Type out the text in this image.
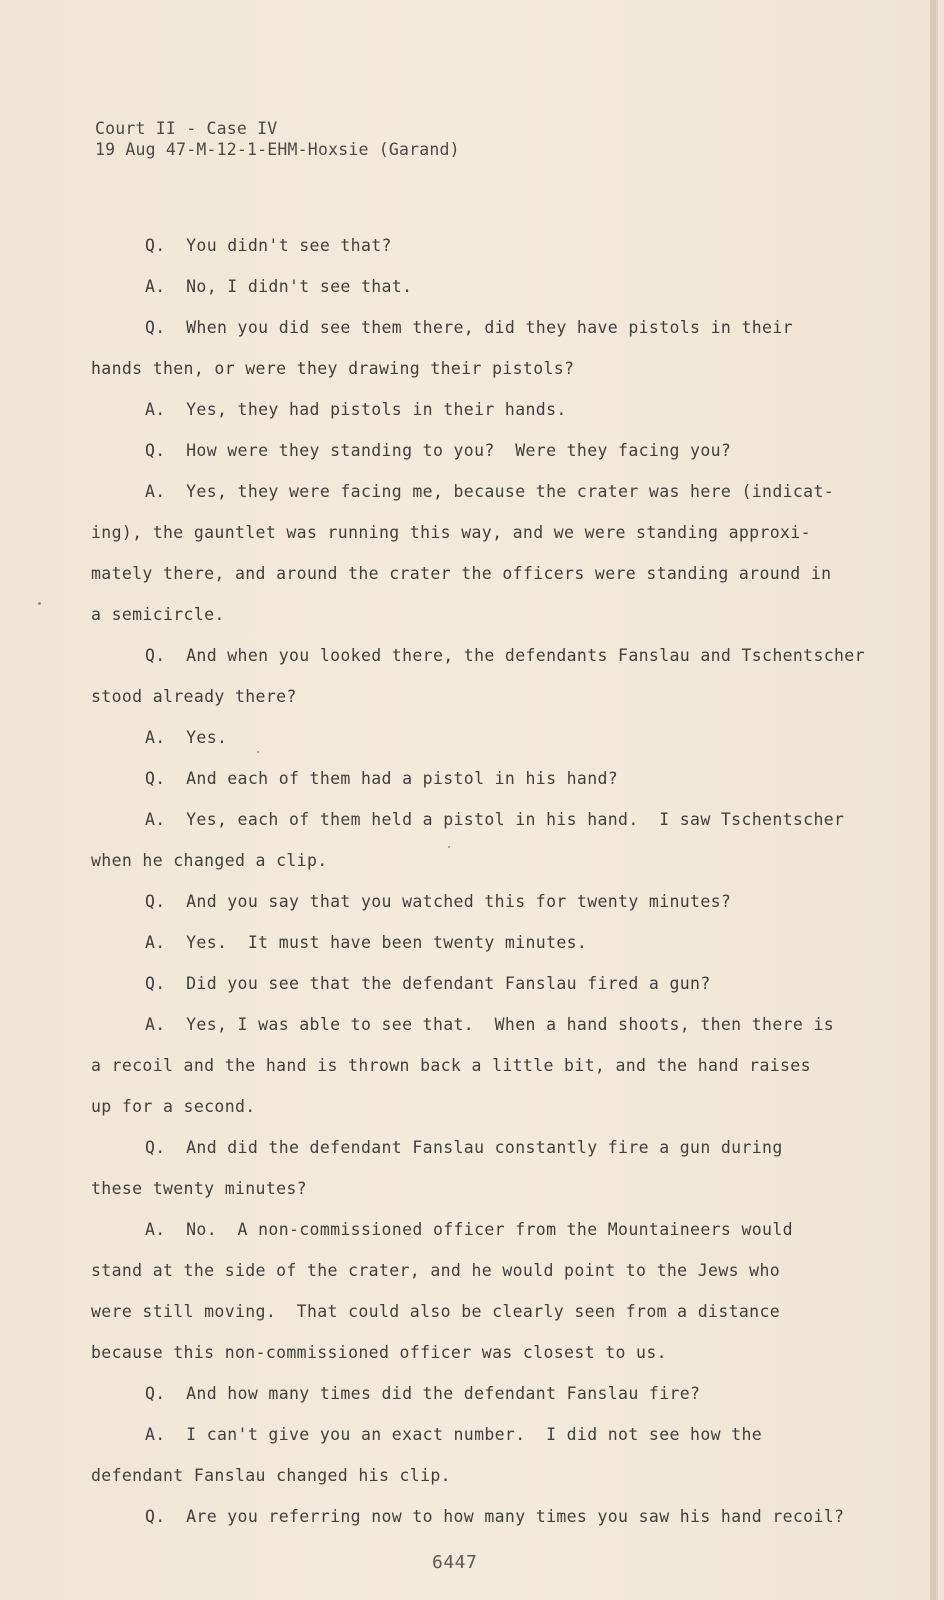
Court II - Case IV
19 Aug 47-M-12-1-EHM-Hoxsie (Garand)
Q.  You didn't see that?
A.  No, I didn't see that.
Q.  When you did see them there, did they have pistols in their
hands then, or were they drawing their pistols?
A.  Yes, they had pistols in their hands.
Q.  How were they standing to you?  Were they facing you?
A.  Yes, they were facing me, because the crater was here (indicat-
ing), the gauntlet was running this way, and we were standing approxi-
mately there, and around the crater the officers were standing around in
a semicircle.
Q.  And when you looked there, the defendants Fanslau and Tschentscher
stood already there?
A.  Yes.
Q.  And each of them had a pistol in his hand?
A.  Yes, each of them held a pistol in his hand.  I saw Tschentscher
when he changed a clip.
Q.  And you say that you watched this for twenty minutes?
A.  Yes.  It must have been twenty minutes.
Q.  Did you see that the defendant Fanslau fired a gun?
A.  Yes, I was able to see that.  When a hand shoots, then there is
a recoil and the hand is thrown back a little bit, and the hand raises
up for a second.
Q.  And did the defendant Fanslau constantly fire a gun during
these twenty minutes?
A.  No.  A non-commissioned officer from the Mountaineers would
stand at the side of the crater, and he would point to the Jews who
were still moving.  That could also be clearly seen from a distance
because this non-commissioned officer was closest to us.
Q.  And how many times did the defendant Fanslau fire?
A.  I can't give you an exact number.  I did not see how the
defendant Fanslau changed his clip.
Q.  Are you referring now to how many times you saw his hand recoil?
6447
